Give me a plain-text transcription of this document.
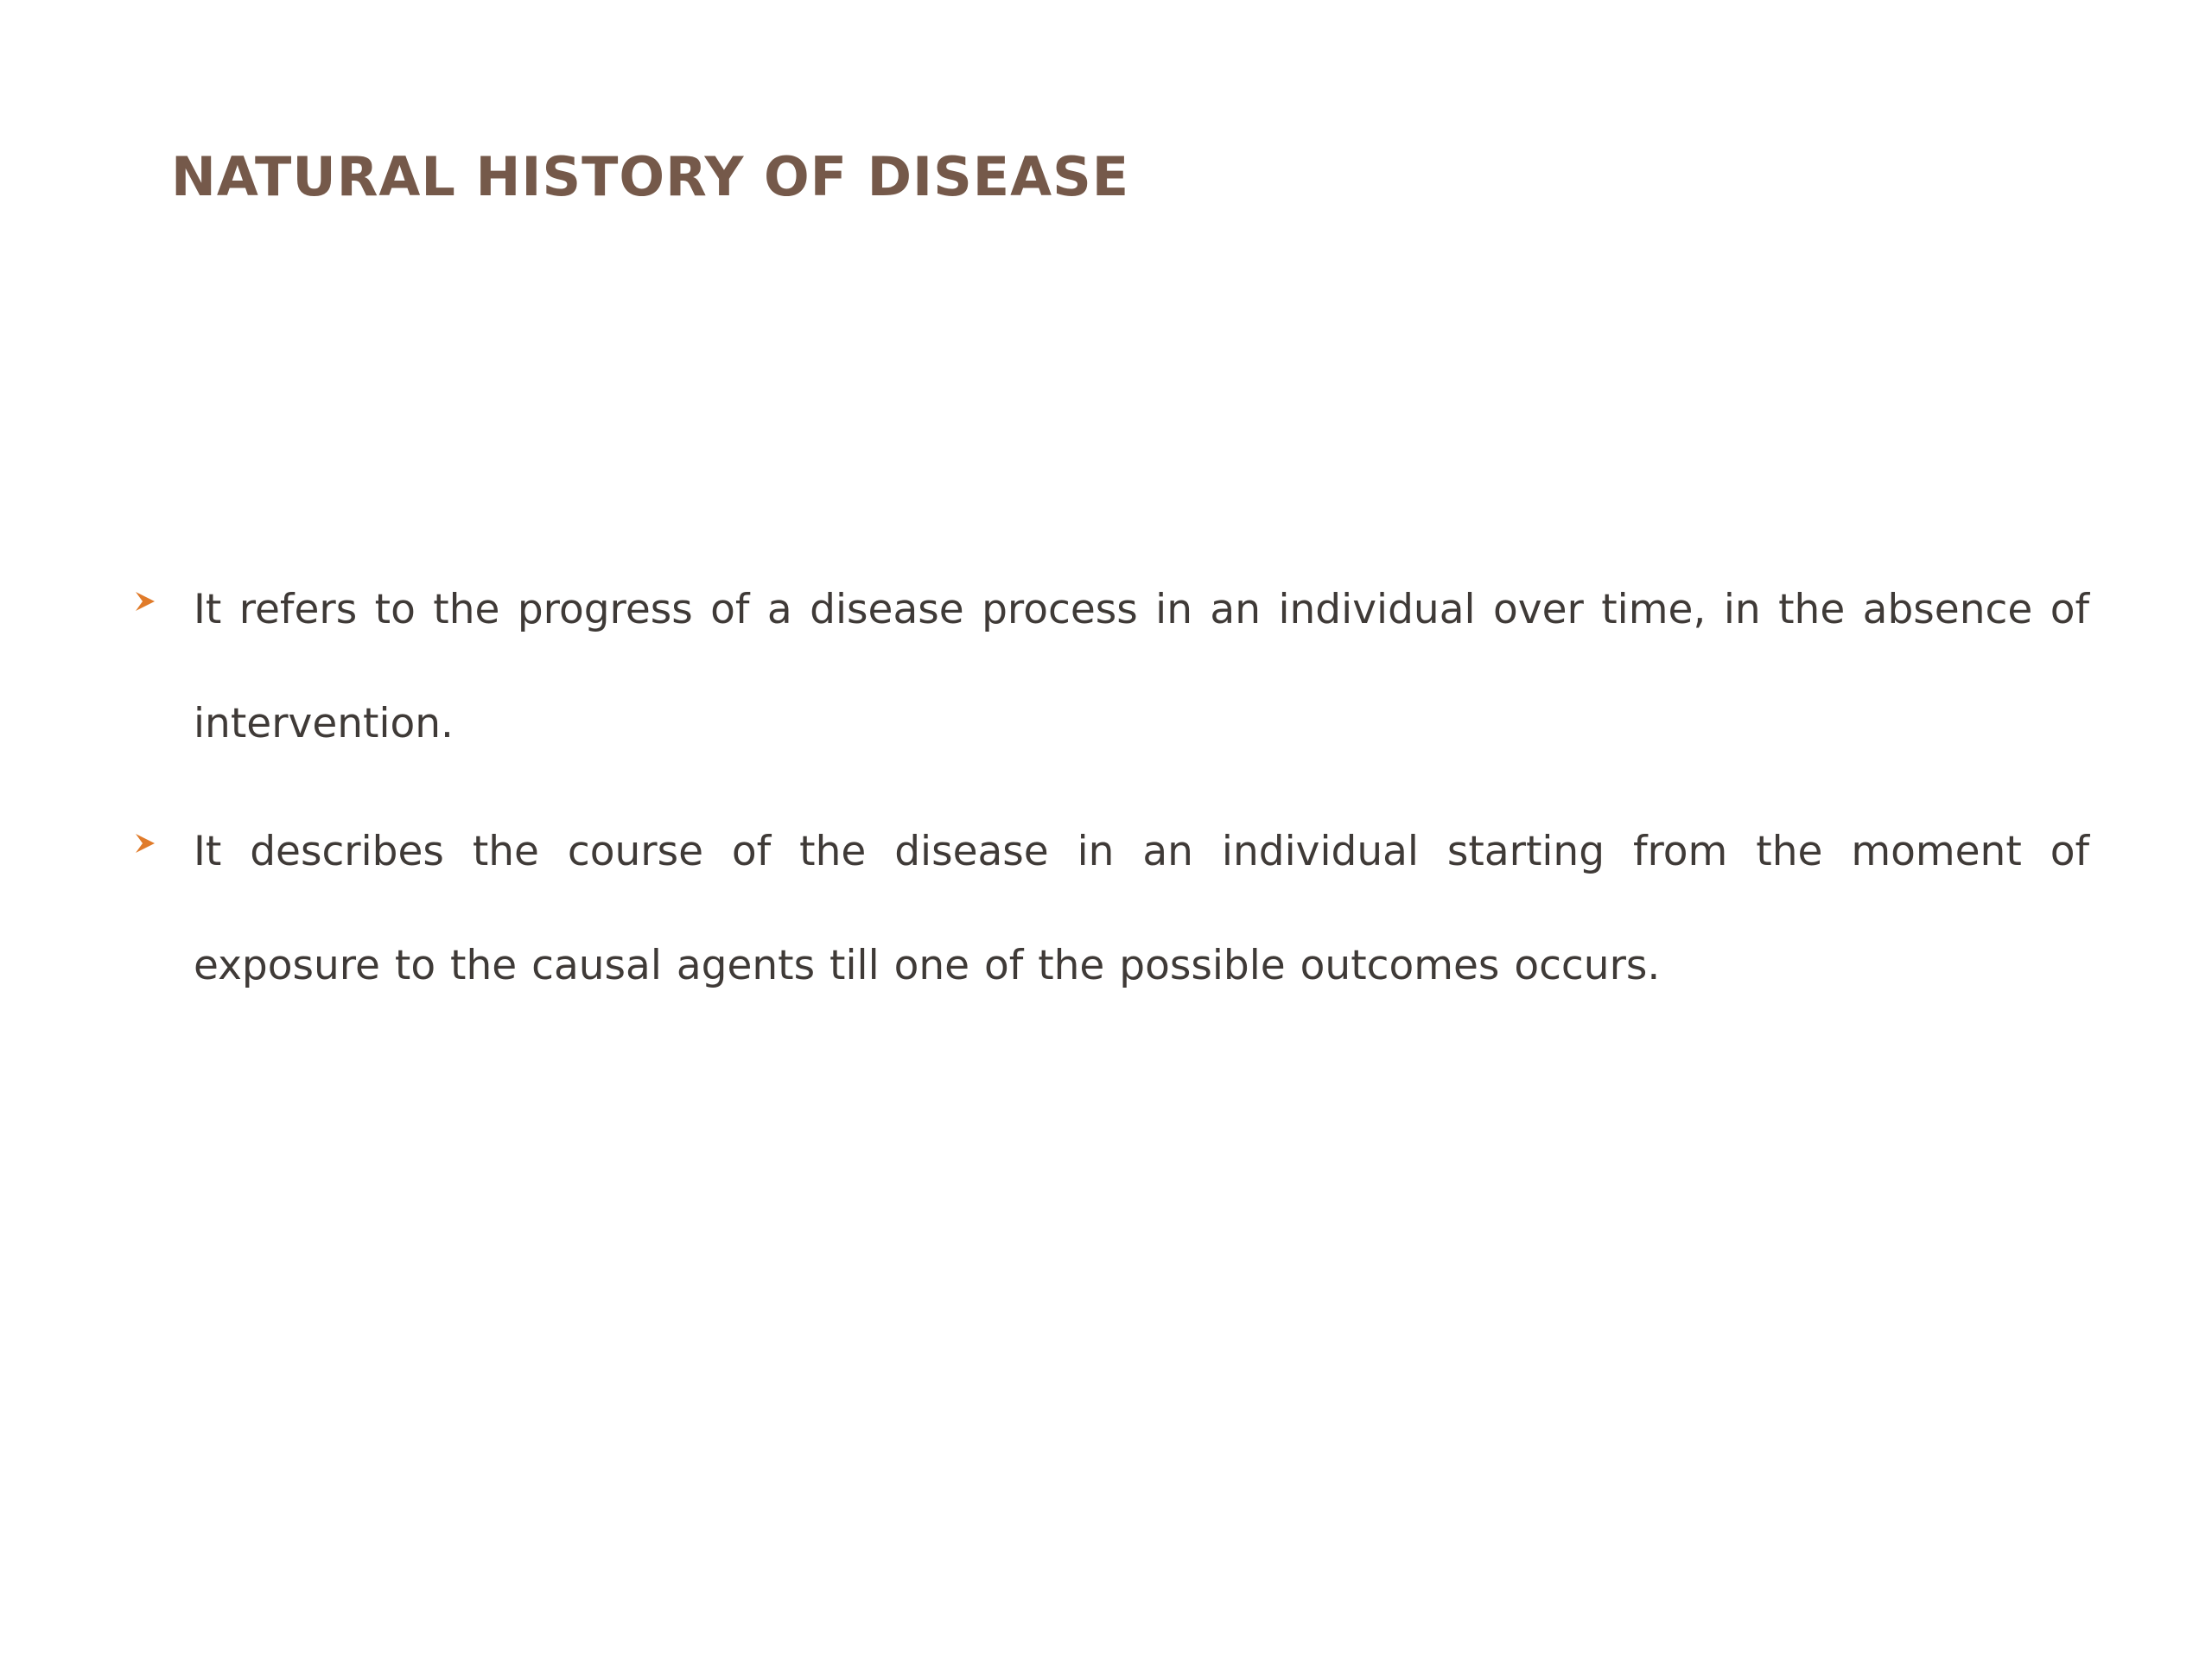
NATURAL HISTORY OF DISEASE
It refers to the progress of a disease process in an individual over time, in the absence of intervention.
It describes the course of the disease in an individual starting from the moment of exposure to the causal agents till one of the possible outcomes occurs.
